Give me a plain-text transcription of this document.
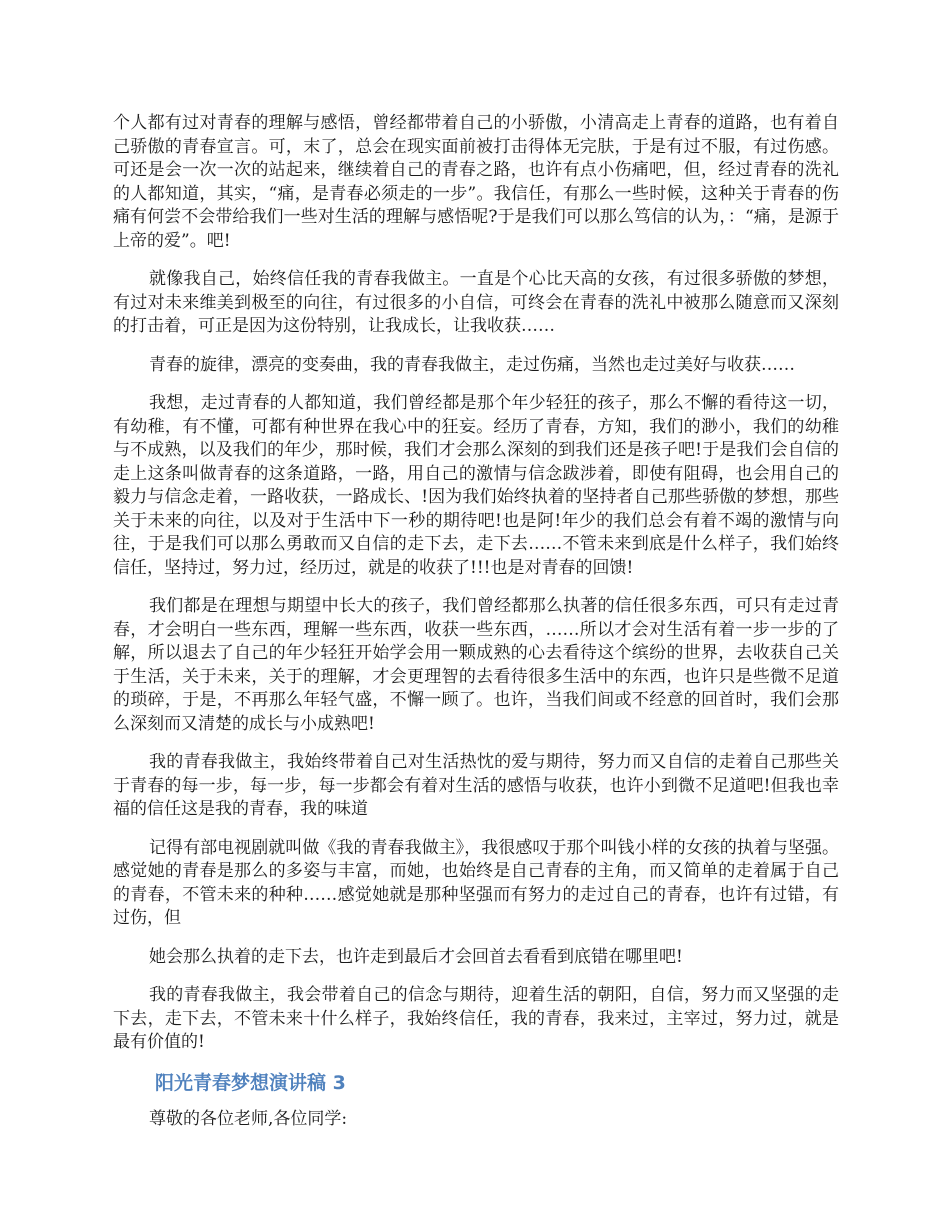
个人都有过对青春的理解与感悟，曾经都带着自己的小骄傲，小清高走上青春的道路，也有着自己骄傲的青春宣言。可，末了，总会在现实面前被打击得体无完肤，于是有过不服，有过伤感。可还是会一次一次的站起来，继续着自己的青春之路，也许有点小伤痛吧，但，经过青春的洗礼的人都知道，其实，“痛，是青春必须走的一步”。我信任，有那么一些时候，这种关于青春的伤痛有何尝不会带给我们一些对生活的理解与感悟呢?于是我们可以那么笃信的认为，：“痛，是源于上帝的爱”。吧!

就像我自己，始终信任我的青春我做主。一直是个心比天高的女孩，有过很多骄傲的梦想，有过对未来维美到极至的向往，有过很多的小自信，可终会在青春的洗礼中被那么随意而又深刻的打击着，可正是因为这份特别，让我成长，让我收获……

青春的旋律，漂亮的变奏曲，我的青春我做主，走过伤痛，当然也走过美好与收获……

我想，走过青春的人都知道，我们曾经都是那个年少轻狂的孩子，那么不懈的看待这一切，有幼稚，有不懂，可都有种世界在我心中的狂妄。经历了青春，方知，我们的渺小，我们的幼稚与不成熟，以及我们的年少，那时候，我们才会那么深刻的到我们还是孩子吧!于是我们会自信的走上这条叫做青春的这条道路，一路，用自己的激情与信念跋涉着，即使有阻碍，也会用自己的毅力与信念走着，一路收获，一路成长、!因为我们始终执着的坚持者自己那些骄傲的梦想，那些关于未来的向往，以及对于生活中下一秒的期待吧!也是阿!年少的我们总会有着不竭的激情与向往，于是我们可以那么勇敢而又自信的走下去，走下去……不管未来到底是什么样子，我们始终信任，坚持过，努力过，经历过，就是的收获了!!!也是对青春的回馈!

我们都是在理想与期望中长大的孩子，我们曾经都那么执著的信任很多东西，可只有走过青春，才会明白一些东西，理解一些东西，收获一些东西，……所以才会对生活有着一步一步的了解，所以退去了自己的年少轻狂开始学会用一颗成熟的心去看待这个缤纷的世界，去收获自己关于生活，关于未来，关于的理解，才会更理智的去看待很多生活中的东西，也许只是些微不足道的琐碎，于是，不再那么年轻气盛，不懈一顾了。也许，当我们间或不经意的回首时，我们会那么深刻而又清楚的成长与小成熟吧!

我的青春我做主，我始终带着自己对生活热忱的爱与期待，努力而又自信的走着自己那些关于青春的每一步，每一步，每一步都会有着对生活的感悟与收获，也许小到微不足道吧!但我也幸福的信任这是我的青春，我的味道

记得有部电视剧就叫做《我的青春我做主》，我很感叹于那个叫钱小样的女孩的执着与坚强。感觉她的青春是那么的多姿与丰富，而她，也始终是自己青春的主角，而又简单的走着属于自己的青春，不管未来的种种……感觉她就是那种坚强而有努力的走过自己的青春，也许有过错，有过伤，但

她会那么执着的走下去，也许走到最后才会回首去看看到底错在哪里吧!

我的青春我做主，我会带着自己的信念与期待，迎着生活的朝阳，自信，努力而又坚强的走下去，走下去，不管未来十什么样子，我始终信任，我的青春，我来过，主宰过，努力过，就是最有价值的!

阳光青春梦想演讲稿 3

尊敬的各位老师,各位同学:
